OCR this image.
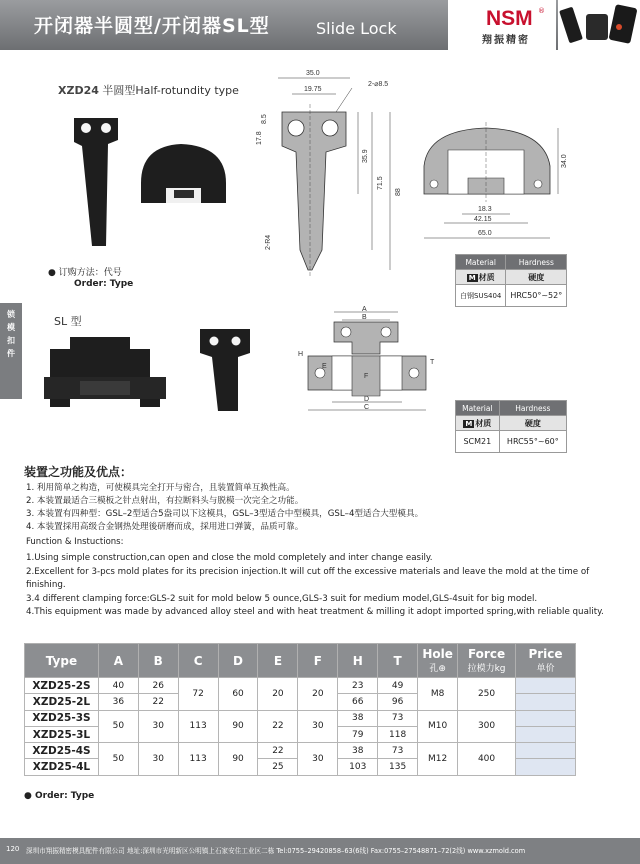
开闭器半圆型/开闭器SL型	Slide Lock	NSM ®
翔振精密
锁模扣件
XZD24 半圆型Half-rotundity type
35.0
19.75
2-⌀8.5
17.8
8.5
35.9
71.5
88
2-R4
18.3
42.15
65.0
34.0
Material	Hardness
M 材质	硬度
白钢SUS404	HRC50°~52°
● 订购方法：代号
Order: Type
SL 型
A
B
F
H
T
E
D
C	Material	Hardness
M 材质	硬度
SCM21	HRC55°~60°
装置之功能及优点：
1. 利用简单之构造，可使模具完全打开与密合，且装置简单互换性高。
2. 本装置最适合三模板之针点射出，有拉断料头与脱模一次完全之功能。
3. 本装置有四种型：GSL–2型适合5盎司以下这模具，GSL–3型适合中型模具，GSL–4型适合大型模具。
4. 本装置採用高级合金钢热处理後研磨而成，採用进口弹簧，品质可靠。
Function & Instuctions:
1.Using simple construction,can open and close the mold completely and inter change easily.
2.Excellent for 3-pcs mold plates for its precision injection.It will cut off the excessive materials and leave the mold at the time of
finishing.
3.4 different clamping force:GLS-2 suit for mold below 5 ounce,GLS-3 suit for medium model,GLS-4suit for big model.
4.This equipment was made by advanced alloy steel and with heat treatment & milling it adopt imported spring,with reliable quality.
Type	A	B	C	D	E	F	H	T	Hole
孔⊕	Force
拉模力kg	Price
单价

XZD25-2S	40	26	72	60	20	20	23	49	M8	250	
XZD25-2L	36	22					66	96			
XZD25-3S	50	30	113	90	22	30	38	73	M10	300	
XZD25-3L							79	118			
XZD25-4S	50	30	113	90	22	30	38	73	M12	400	
XZD25-4L					25		103	135			
● Order: Type
120 深圳市翔振精密模具配件有限公司 地址:深圳市光明新区公明镇上石家安住工业区二栋 Tel:0755–29420858–63(6线) Fax:0755–27548871–72(2线) www.xzmold.com
